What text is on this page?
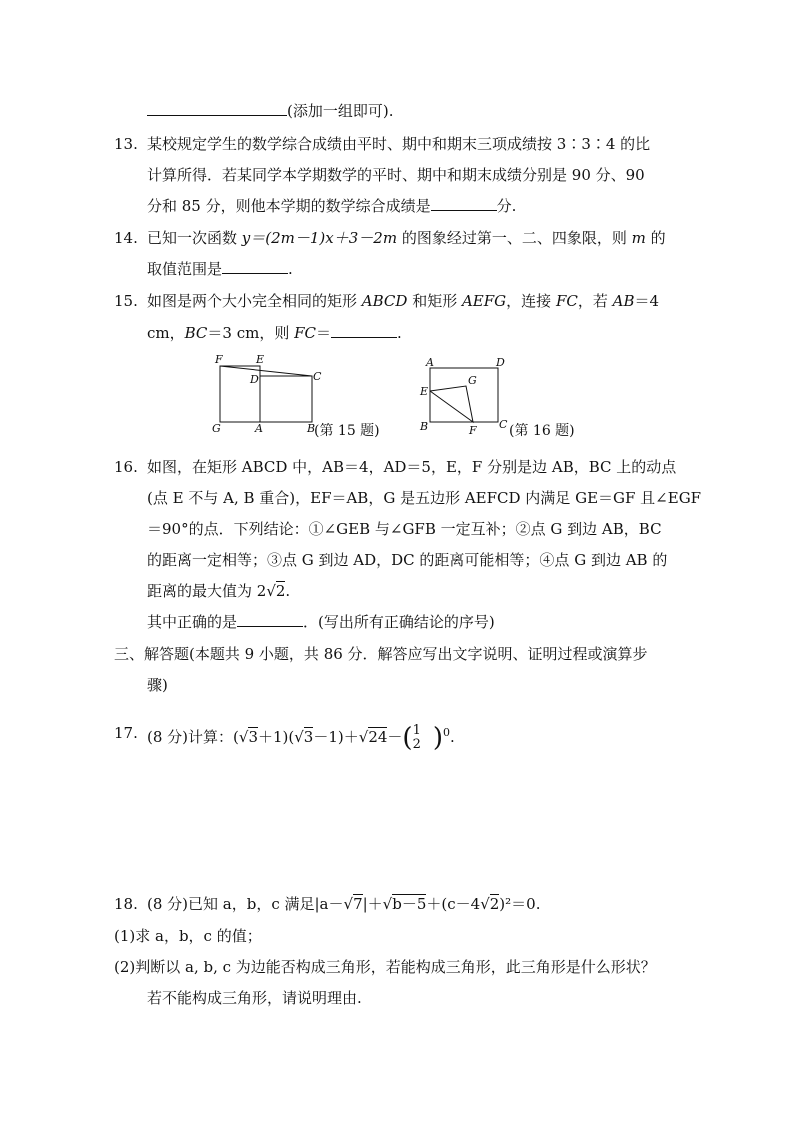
(添加一组即可).
13. 某校规定学生的数学综合成绩由平时、期中和期末三项成绩按 3∶3∶4 的比
计算所得．若某同学本学期数学的平时、期中和期末成绩分别是 90 分、90
分和 85 分，则他本学期的数学综合成绩是	分.
14. 已知一次函数 y＝(2m－1)x＋3－2m 的图象经过第一、二、四象限，则 m 的
取值范围是	.
15. 如图是两个大小完全相同的矩形 ABCD 和矩形 AEFG，连接 FC，若 AB＝4
cm，BC＝3 cm，则 FC＝	.
F	E
D	C
G	A	B
(第 15 题)
A	D
E
G
B	F C (第 16 题)
16. 如图，在矩形 ABCD 中，AB＝4，AD＝5，E，F 分别是边 AB，BC 上的动点
(点 E 不与 A, B 重合)，EF＝AB，G 是五边形 AEFCD 内满足 GE＝GF 且∠EGF
＝90°的点．下列结论：①∠GEB 与∠GFB 一定互补；②点 G 到边 AB，BC
的距离一定相等；③点 G 到边 AD，DC 的距离可能相等；④点 G 到边 AB 的
距离的最大值为 2√2.
其中正确的是	．(写出所有正确结论的序号)
三、解答题(本题共 9 小题，共 86 分．解答应写出文字说明、证明过程或演算步
骤)
17. (8 分)计算：(√3＋1)(√3－1)＋√24－( 1
2 )$^0$.
18. (8 分)已知 a，b，c 满足|a－√7|＋√b－5＋(c－4√2)²＝0.
(1)求 a，b，c 的值；
(2)判断以 a, b, c 为边能否构成三角形，若能构成三角形，此三角形是什么形状？
若不能构成三角形，请说明理由.
